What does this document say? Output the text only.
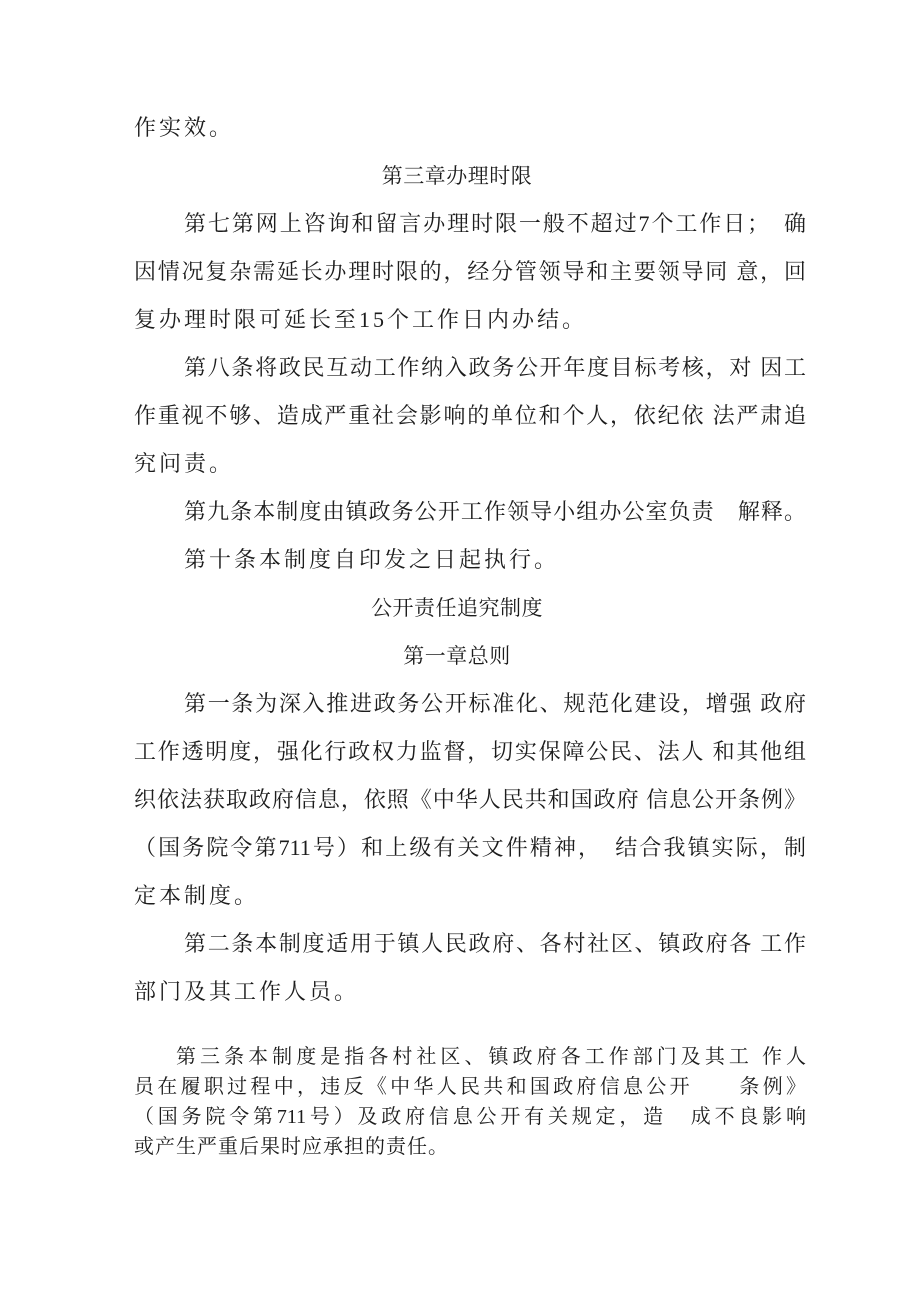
作实效。
第三章办理时限
第七第网上咨询和留言办理时限一般不超过7个工作日；　确
因情况复杂需延长办理时限的，经分管领导和主要领导同 意，回
复办理时限可延长至15个工作日内办结。
第八条将政民互动工作纳入政务公开年度目标考核，对 因工
作重视不够、造成严重社会影响的单位和个人，依纪依 法严肃追
究问责。
第九条本制度由镇政务公开工作领导小组办公室负责　解释。
第十条本制度自印发之日起执行。
公开责任追究制度
第一章总则
第一条为深入推进政务公开标准化、规范化建设，增强 政府
工作透明度，强化行政权力监督，切实保障公民、法人 和其他组
织依法获取政府信息，依照《中华人民共和国政府 信息公开条例》
（国务院令第711号）和上级有关文件精神，　结合我镇实际，制
定本制度。
第二条本制度适用于镇人民政府、各村社区、镇政府各 工作
部门及其工作人员。
第三条本制度是指各村社区、镇政府各工作部门及其工 作人
员在履职过程中，违反《中华人民共和国政府信息公开　　条例》
（国务院令第711号）及政府信息公开有关规定，造　成不良影响
或产生严重后果时应承担的责任。
